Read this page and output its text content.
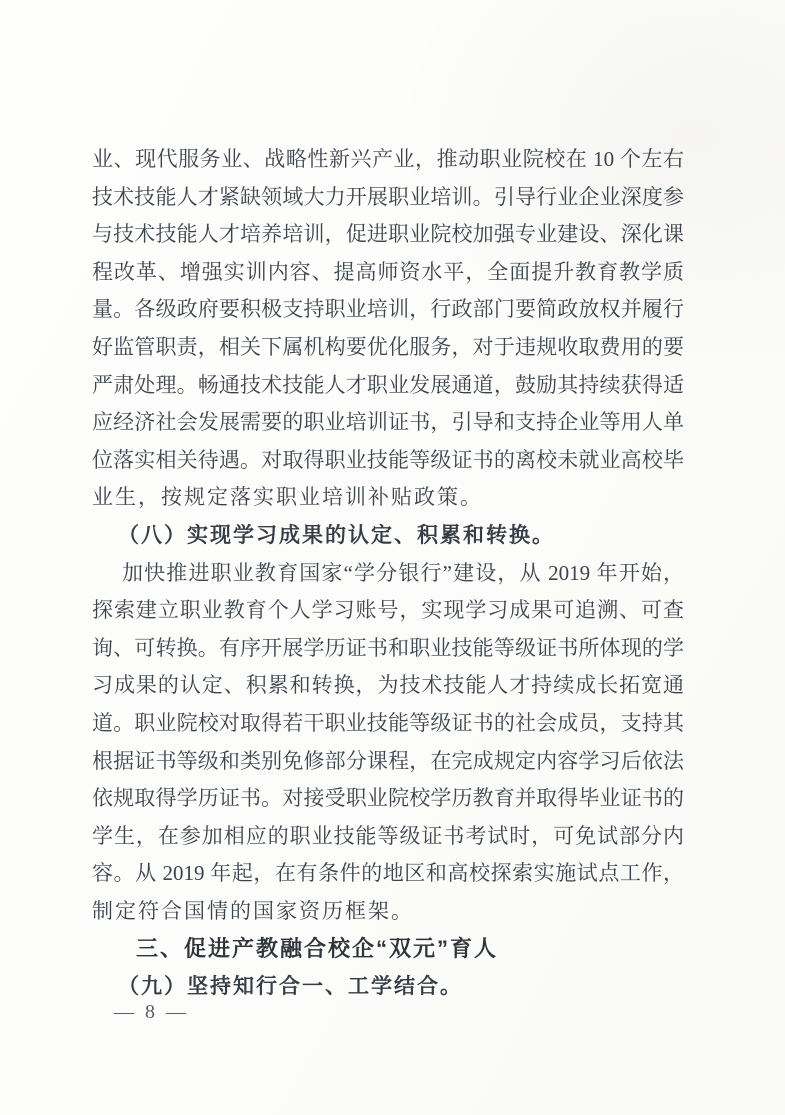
业、现代服务业、战略性新兴产业，推动职业院校在 10 个左右
技术技能人才紧缺领域大力开展职业培训。引导行业企业深度参
与技术技能人才培养培训，促进职业院校加强专业建设、深化课
程改革、增强实训内容、提高师资水平，全面提升教育教学质
量。各级政府要积极支持职业培训，行政部门要简政放权并履行
好监管职责，相关下属机构要优化服务，对于违规收取费用的要
严肃处理。畅通技术技能人才职业发展通道，鼓励其持续获得适
应经济社会发展需要的职业培训证书，引导和支持企业等用人单
位落实相关待遇。对取得职业技能等级证书的离校未就业高校毕
业生，按规定落实职业培训补贴政策。
（八）实现学习成果的认定、积累和转换。
加快推进职业教育国家“学分银行”建设，从 2019 年开始，
探索建立职业教育个人学习账号，实现学习成果可追溯、可查
询、可转换。有序开展学历证书和职业技能等级证书所体现的学
习成果的认定、积累和转换，为技术技能人才持续成长拓宽通
道。职业院校对取得若干职业技能等级证书的社会成员，支持其
根据证书等级和类别免修部分课程，在完成规定内容学习后依法
依规取得学历证书。对接受职业院校学历教育并取得毕业证书的
学生，在参加相应的职业技能等级证书考试时，可免试部分内
容。从 2019 年起，在有条件的地区和高校探索实施试点工作，
制定符合国情的国家资历框架。
三、促进产教融合校企“双元”育人
（九）坚持知行合一、工学结合。
— 8 —
